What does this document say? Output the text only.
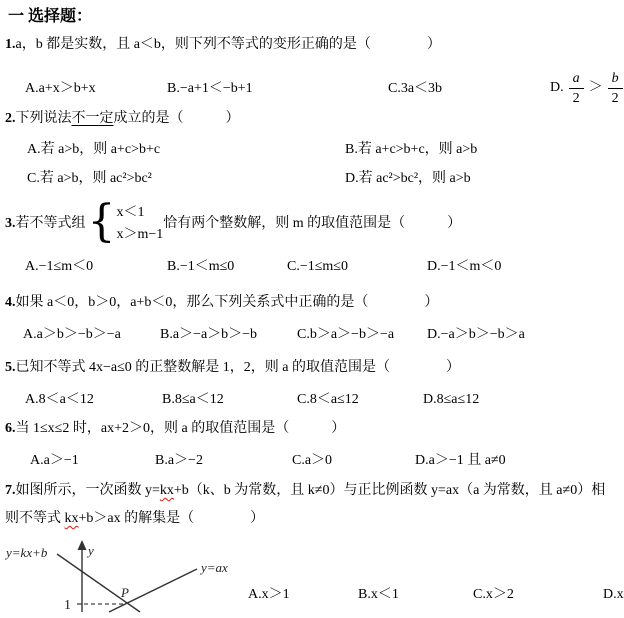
一 选择题：
1.a，b 都是实数，且 a＜b，则下列不等式的变形正确的是（　　　　）
A.a+x＞b+x	B.−a+1＜−b+1	C.3a＜3b	D. $\frac{a}{2} > \frac{b}{2}$
2.下列说法不一定成立的是（　　　）
A.若 a>b，则 a+c>b+c	B.若 a+c>b+c，则 a>b
C.若 a>b，则 ac²>bc²	D.若 ac²>bc²，则 a>b
3.若不等式组 { x＜1
x＞m−1
恰有两个整数解，则 m 的取值范围是（　　　）
A.−1≤m＜0	B.−1＜m≤0	C.−1≤m≤0	D.−1＜m＜0
4.如果 a＜0，b＞0，a+b＜0，那么下列关系式中正确的是（　　　　）
A.a＞b＞−b＞−a	B.a＞−a＞b＞−b	C.b＞a＞−b＞−a D.−a＞b＞−b＞a
5.已知不等式 4x−a≤0 的正整数解是 1，2，则 a 的取值范围是（　　　　）
A.8＜a＜12	B.8≤a＜12	C.8＜a≤12	D.8≤a≤12
6.当 1≤x≤2 时，ax+2＞0，则 a 的取值范围是（　　　）
A.a＞−1	B.a＞−2	C.a＞0	D.a＞−1 且 a≠0
7.如图所示，一次函数 y=kx+b（k、b 为常数，且 k≠0）与正比例函数 y=ax（a 为常数，且 a≠0）相
则不等式 kx+b＞ax 的解集是（　　　　）
A.x＞1	B.x＜1	C.x＞2	D.x
y
y=kx+b
y=ax
P
1
